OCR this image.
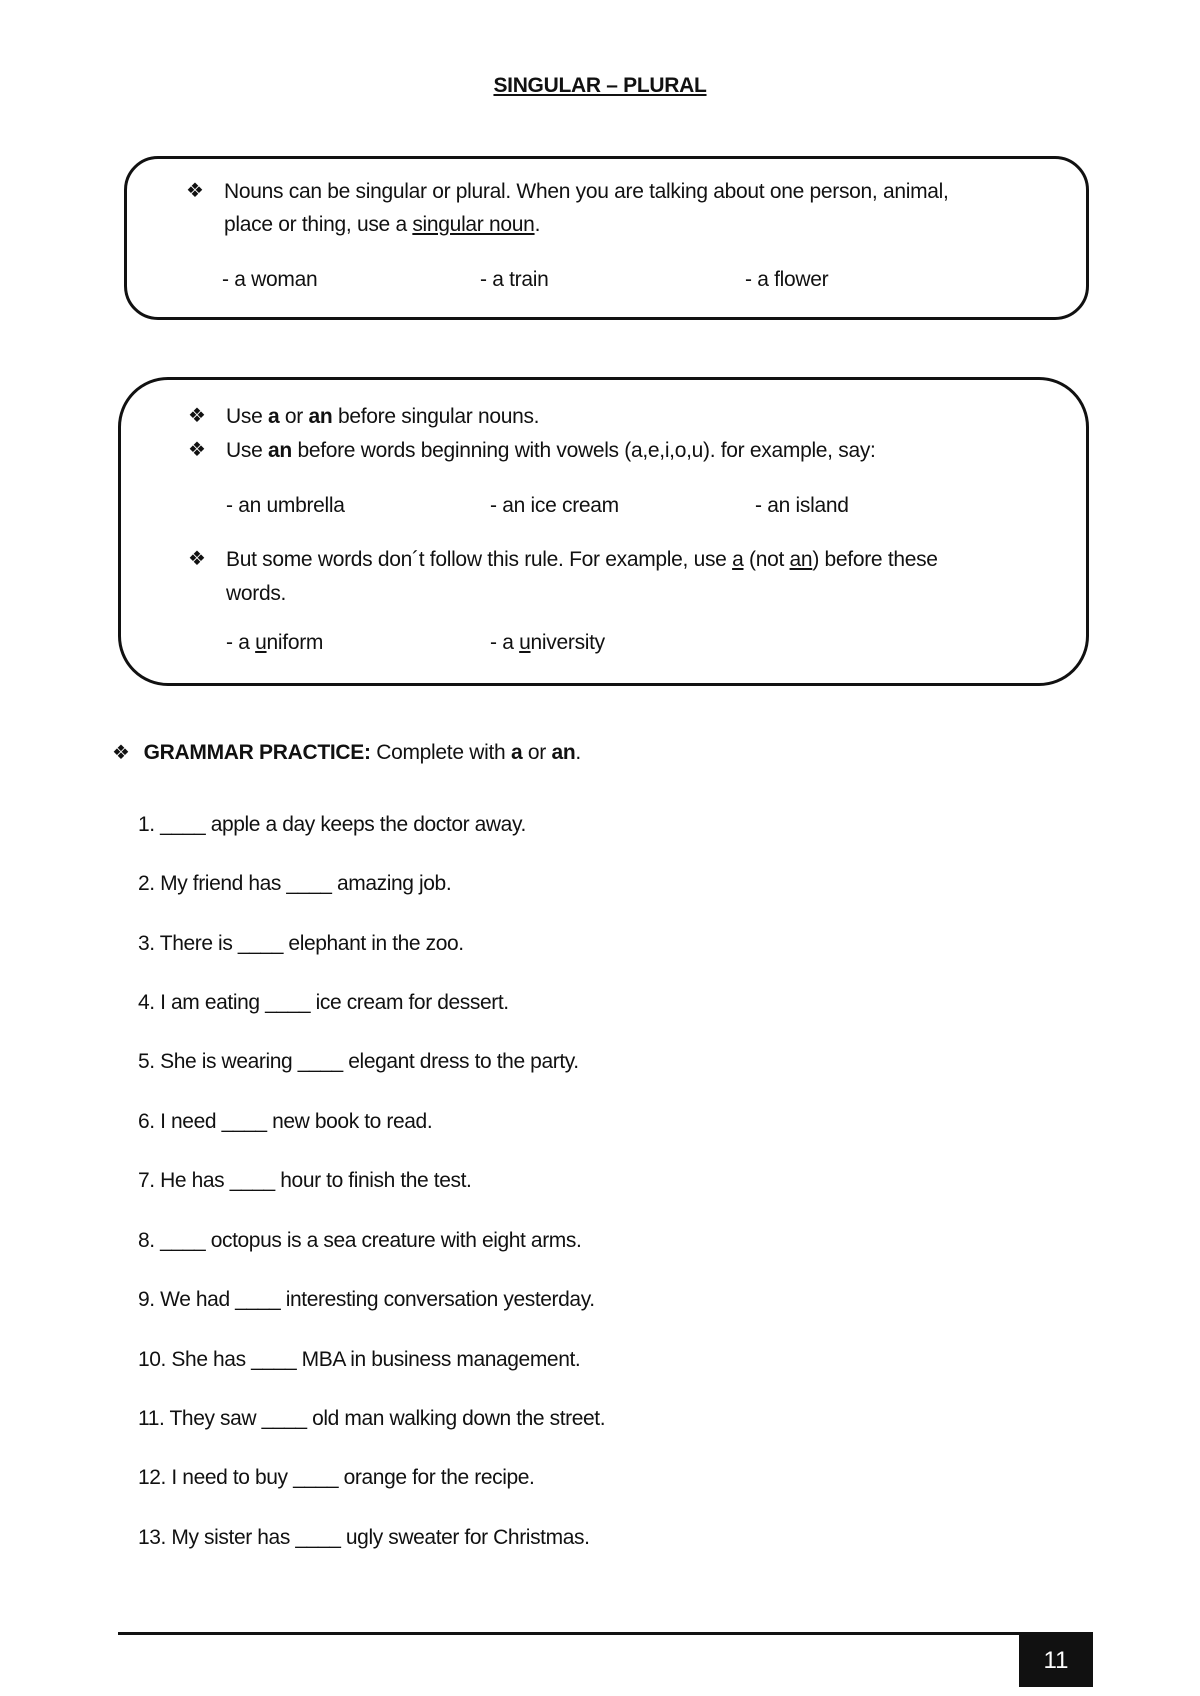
SINGULAR – PLURAL
❖ Nouns can be singular or plural. When you are talking about one person, animal,
place or thing, use a singular noun.
- a woman	- a train	- a flower
❖ Use a or an before singular nouns.
❖ Use an before words beginning with vowels (a,e,i,o,u). for example, say:
- an umbrella	- an ice cream	- an island
❖ But some words don´t follow this rule. For example, use a (not an) before these
words.
- a uniform	- a university
❖ GRAMMAR PRACTICE: Complete with a or an.
1. ____ apple a day keeps the doctor away.
2. My friend has ____ amazing job.
3. There is ____ elephant in the zoo.
4. I am eating ____ ice cream for dessert.
5. She is wearing ____ elegant dress to the party.
6. I need ____ new book to read.
7. He has ____ hour to finish the test.
8. ____ octopus is a sea creature with eight arms.
9. We had ____ interesting conversation yesterday.
10. She has ____ MBA in business management.
11. They saw ____ old man walking down the street.
12. I need to buy ____ orange for the recipe.
13. My sister has ____ ugly sweater for Christmas.
11
